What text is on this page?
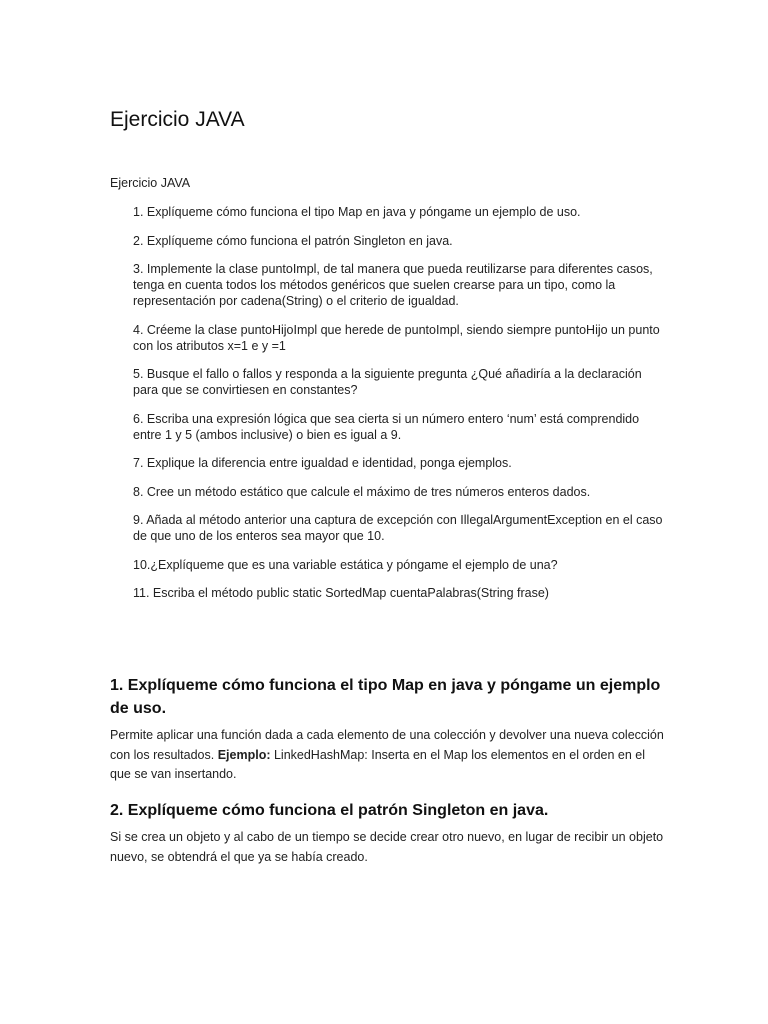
Ejercicio JAVA

Ejercicio JAVA

1. Explíqueme cómo funciona el tipo Map en java y póngame un ejemplo de uso.
2. Explíqueme cómo funciona el patrón Singleton en java.
3. Implemente la clase puntoImpl, de tal manera que pueda reutilizarse para diferentes casos, tenga en cuenta todos los métodos genéricos que suelen crearse para un tipo, como la representación por cadena(String) o el criterio de igualdad.
4. Créeme la clase puntoHijoImpl que herede de puntoImpl, siendo siempre puntoHijo un punto con los atributos x=1 e y =1
5. Busque el fallo o fallos y responda a la siguiente pregunta ¿Qué añadiría a la declaración para que se convirtiesen en constantes?
6. Escriba una expresión lógica que sea cierta si un número entero ‘num’ está comprendido entre 1 y 5 (ambos inclusive) o bien es igual a 9.
7. Explique la diferencia entre igualdad e identidad, ponga ejemplos.
8. Cree un método estático que calcule el máximo de tres números enteros dados.
9. Añada al método anterior una captura de excepción con IllegalArgumentException en el caso de que uno de los enteros sea mayor que 10.
10.¿Explíqueme que es una variable estática y póngame el ejemplo de una?
11. Escriba el método public static SortedMap cuentaPalabras(String frase)
1. Explíqueme cómo funciona el tipo Map en java y póngame un ejemplo de uso.

Permite aplicar una función dada a cada elemento de una colección y devolver una nueva colección con los resultados. Ejemplo: LinkedHashMap: Inserta en el Map los elementos en el orden en el que se van insertando.

2. Explíqueme cómo funciona el patrón Singleton en java.

Si se crea un objeto y al cabo de un tiempo se decide crear otro nuevo, en lugar de recibir un objeto nuevo, se obtendrá el que ya se había creado.
